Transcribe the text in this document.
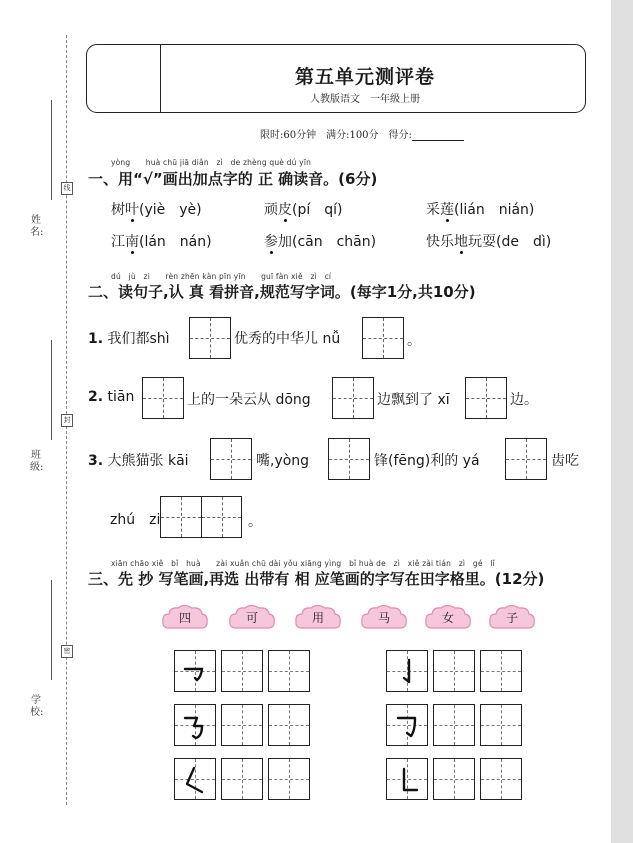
姓 名:
班 级:
学 校:
线
封
密
第五单元测评卷
人教版语文　一年级上册
限时:60分钟　满分:100分　得分:
yòng　　huà chū jiā diǎn　zì　de zhèng què dú yīn
一、用“√”画出加点字的 正 确读音。(6分)
树叶(yiè　yè)	顽皮(pí　qí)	采莲(lián　nián)
江南(lán　nán)	参加(cān　chān)	快乐地玩耍(de　dì)
dú　jù　zi　　rèn zhēn kàn pīn yīn　　guī fàn xiě　zì　cí
二、读句子,认 真 看拼音,规范写字词。(每字1分,共10分)
1. 我们都shì	优秀的中华儿 nǚ	。
2. tiān	上的一朵云从 dōng	边飘到了 xī	边。
3. 大熊猫张 kāi	嘴,yòng	锋(fēng)利的 yá	齿吃
zhú　zi	。
xiān chāo xiě　bǐ　huà　　zài xuǎn chū dài yǒu xiāng yìng　bǐ huà de　zì　xiě zài tián　zì　gé　lǐ
三、先 抄 写笔画,再选 出带有 相 应笔画的字写在田字格里。(12分)
四	可	用	马	女	子
